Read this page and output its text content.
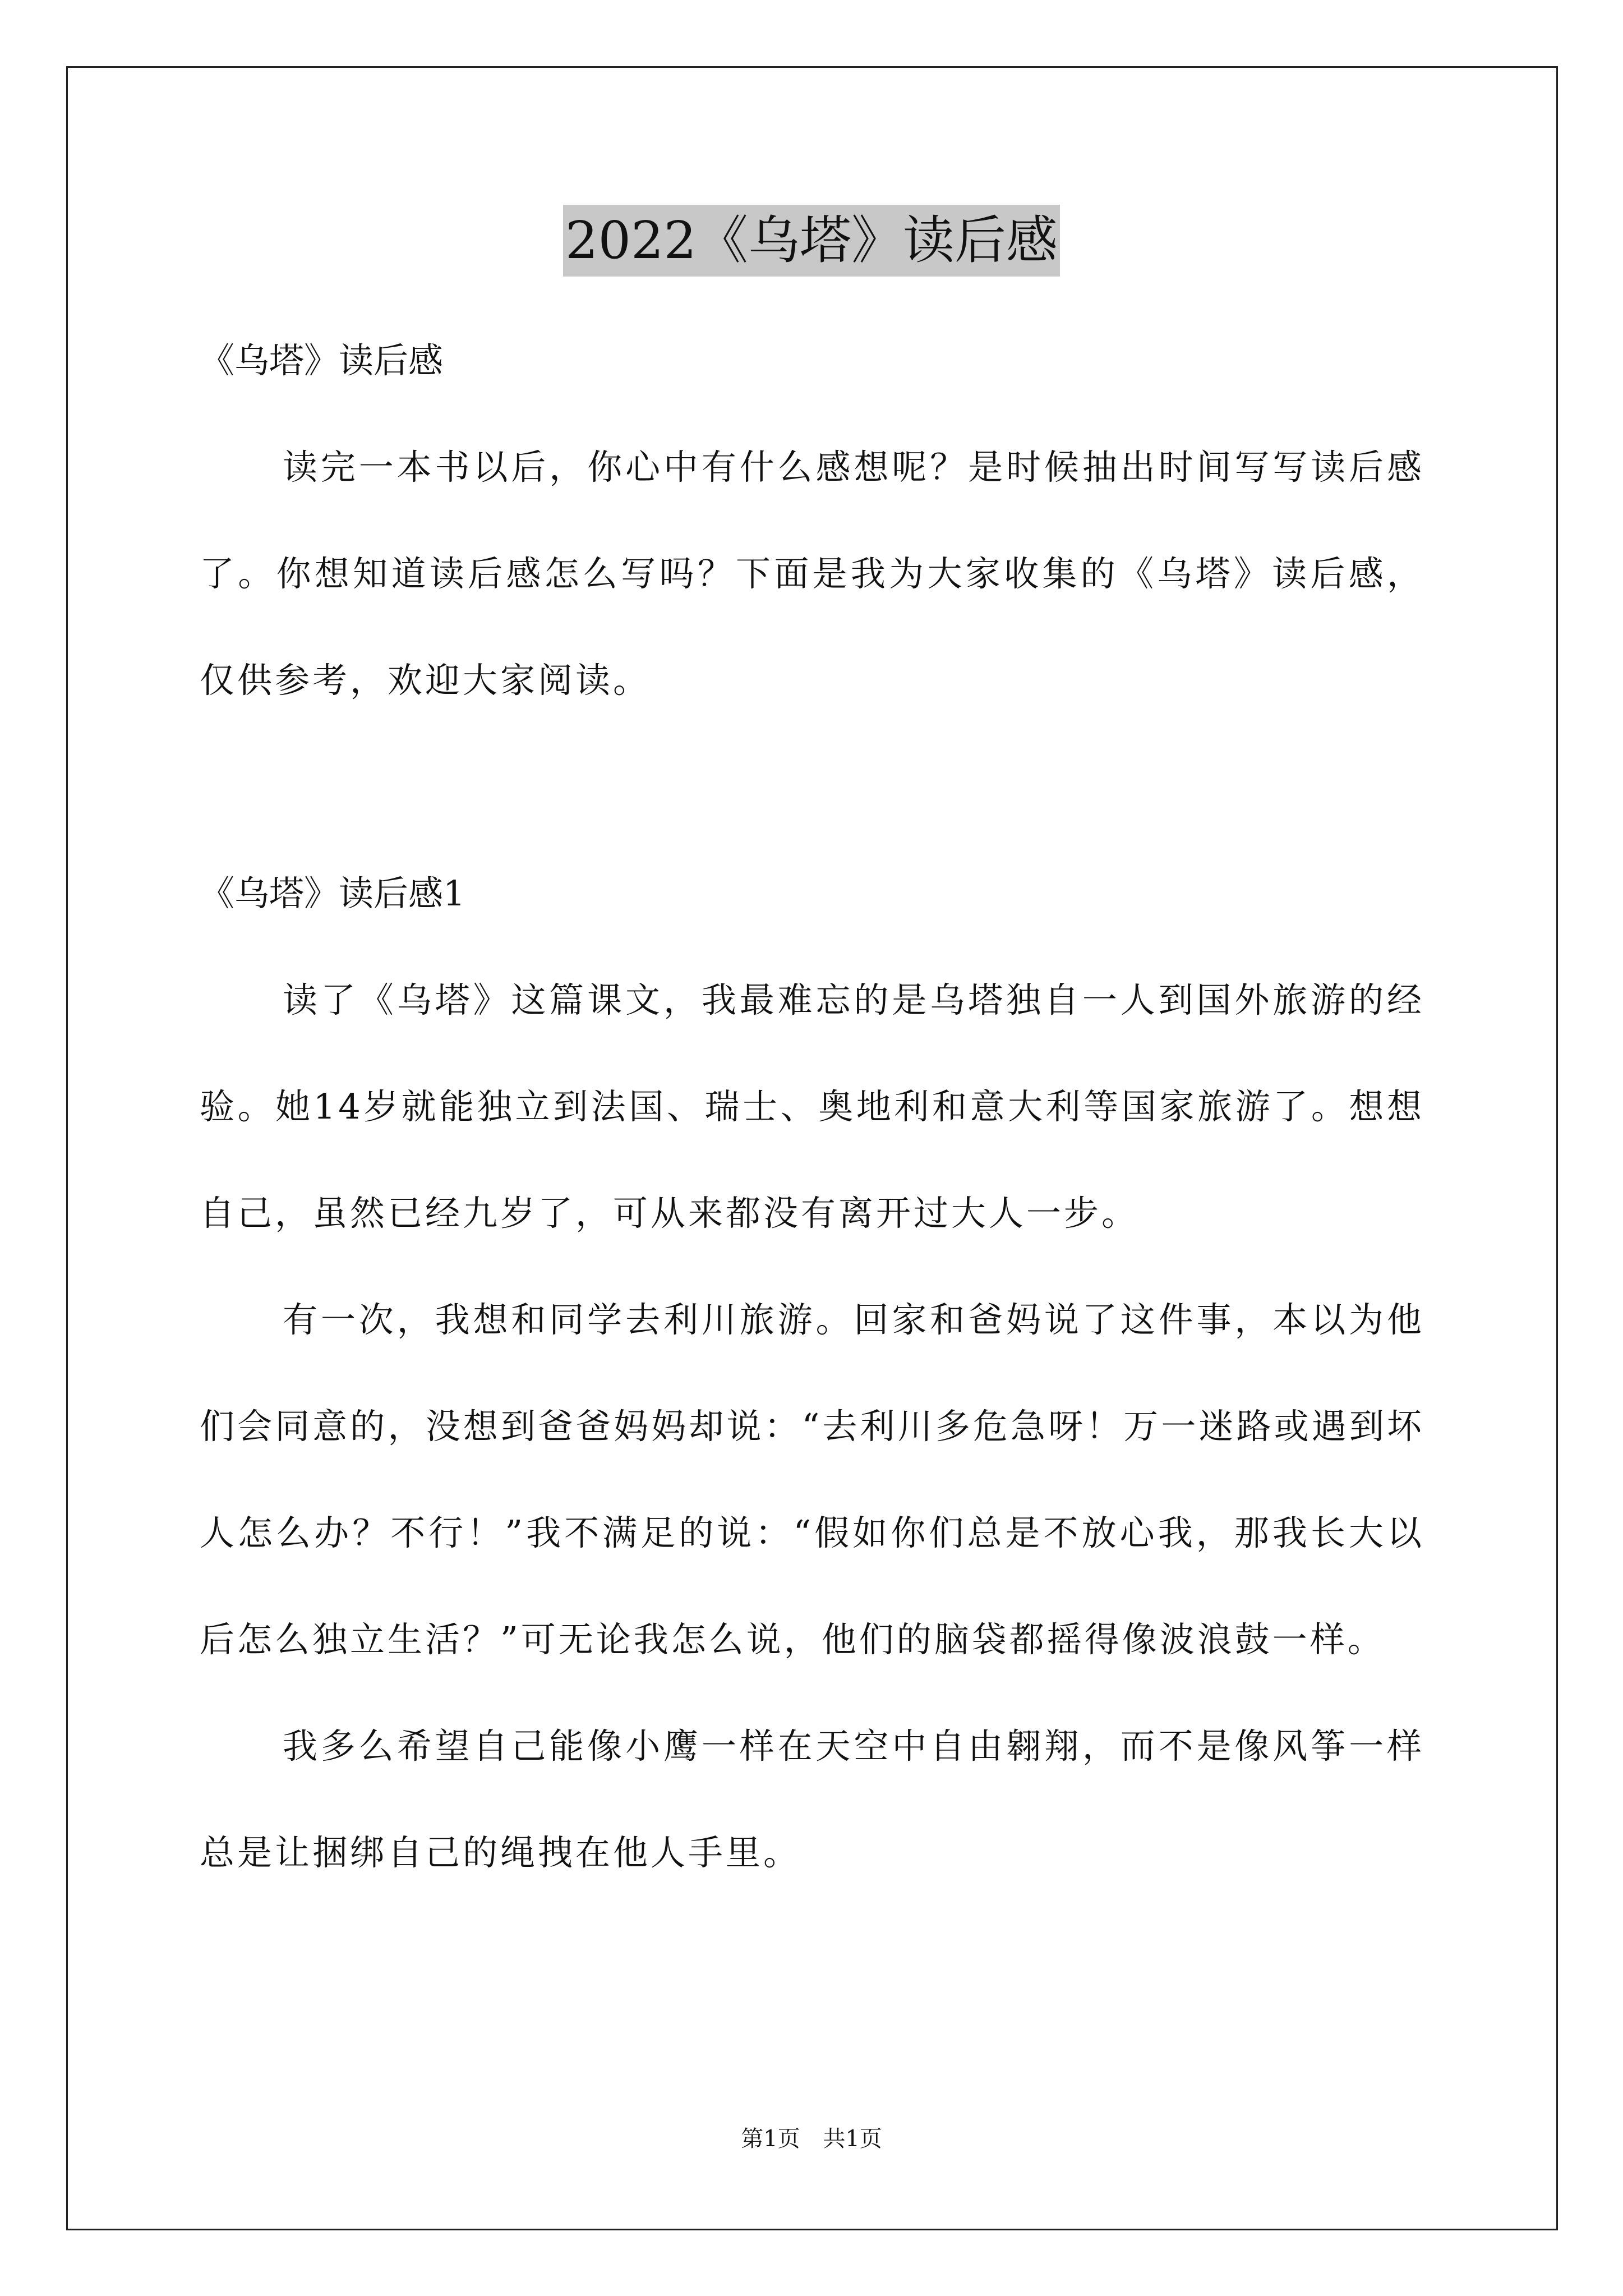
2022《乌塔》读后感

《乌塔》读后感

读完一本书以后，你心中有什么感想呢？是时候抽出时间写写读后感了。你想知道读后感怎么写吗？下面是我为大家收集的《乌塔》读后感，仅供参考，欢迎大家阅读。

《乌塔》读后感1

读了《乌塔》这篇课文，我最难忘的是乌塔独自一人到国外旅游的经验。她14岁就能独立到法国、瑞士、奥地利和意大利等国家旅游了。想想自己，虽然已经九岁了，可从来都没有离开过大人一步。

有一次，我想和同学去利川旅游。回家和爸妈说了这件事，本以为他们会同意的，没想到爸爸妈妈却说：“去利川多危急呀！万一迷路或遇到坏人怎么办？不行！”我不满足的说：“假如你们总是不放心我，那我长大以后怎么独立生活？”可无论我怎么说，他们的脑袋都摇得像波浪鼓一样。

我多么希望自己能像小鹰一样在天空中自由翱翔，而不是像风筝一样总是让捆绑自己的绳拽在他人手里。

第1页 共1页
